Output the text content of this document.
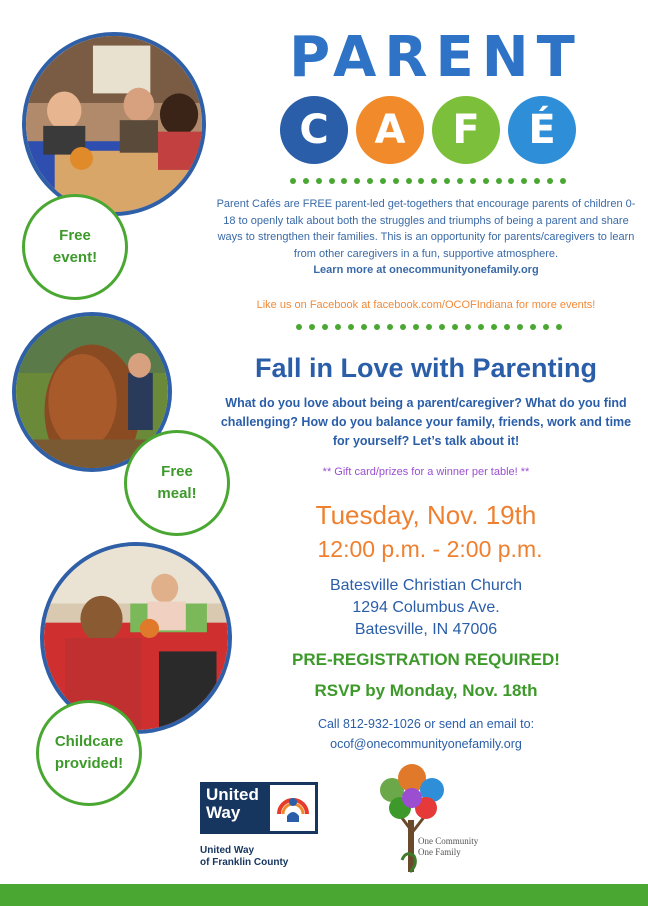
Free
event!
Free
meal!
Childcare
provided!
PARENT
C A F É
Parent Cafés are FREE parent-led get-togethers that encourage parents of children 0-18 to openly talk about both the struggles and triumphs of being a parent and share ways to strengthen their families. This is an opportunity for parents/caregivers to learn from other caregivers in a fun, supportive atmosphere.
Learn more at onecommunityonefamily.org
Like us on Facebook at facebook.com/OCOFIndiana for more events!
Fall in Love with Parenting
What do you love about being a parent/caregiver? What do you find challenging? How do you balance your family, friends, work and time for yourself? Let’s talk about it!
** Gift card/prizes for a winner per table! **
Tuesday, Nov. 19th
12:00 p.m. - 2:00 p.m.
Batesville Christian Church
1294 Columbus Ave.
Batesville, IN 47006
PRE-REGISTRATION REQUIRED!
RSVP by Monday, Nov. 18th
Call 812-932-1026 or send an email to:
ocof@onecommunityonefamily.org
United
Way
United Way
of Franklin County
One Community
One Family
